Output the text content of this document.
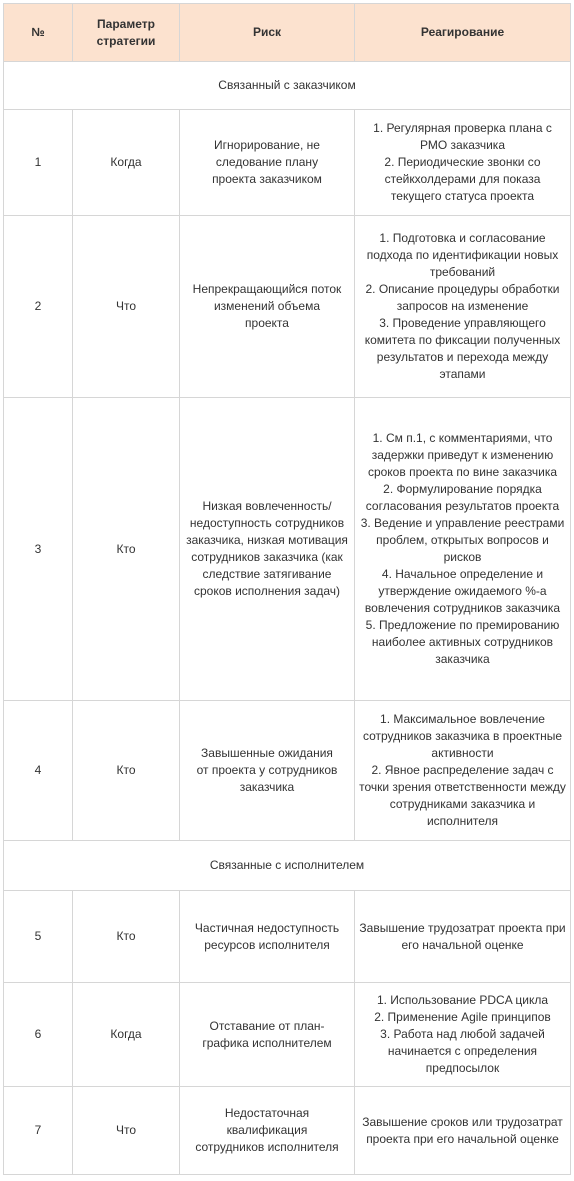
№	Параметр стратегии	Риск	Реагирование
Связанный с заказчиком			
1	Когда	Игнорирование, не следование плану проекта заказчиком	1. Регулярная проверка плана с РМО заказчика
2. Периодические звонки со стейкхолдерами для показа текущего статуса проекта
2	Что	Непрекращающийся поток изменений объема проекта	1. Подготовка и согласование подхода по идентификации новых требований
2. Описание процедуры обработки запросов на изменение
3. Проведение управляющего комитета по фиксации полученных результатов и перехода между этапами
3	Кто	Низкая вовлеченность/ недоступность сотрудников заказчика, низкая мотивация сотрудников заказчика (как следствие затягивание сроков исполнения задач)	1. См п.1, с комментариями, что задержки приведут к изменению сроков проекта по вине заказчика
2. Формулирование порядка согласования результатов проекта
3. Ведение и управление реестрами проблем, открытых вопросов и рисков
4. Начальное определение и утверждение ожидаемого %-а вовлечения сотрудников заказчика
5. Предложение по премированию наиболее активных сотрудников заказчика
4	Кто	Завышенные ожидания от проекта у сотрудников заказчика	1. Максимальное вовлечение сотрудников заказчика в проектные активности
2. Явное распределение задач с точки зрения ответственности между сотрудниками заказчика и исполнителя
Связанные с исполнителем			
5	Кто	Частичная недоступность ресурсов исполнителя	Завышение трудозатрат проекта при его начальной оценке
6	Когда	Отставание от план-графика исполнителем	1. Использование PDCA цикла
2. Применение Agile принципов
3. Работа над любой задачей начинается с определения предпосылок
7	Что	Недостаточная квалификация сотрудников исполнителя	Завышение сроков или трудозатрат проекта при его начальной оценке
